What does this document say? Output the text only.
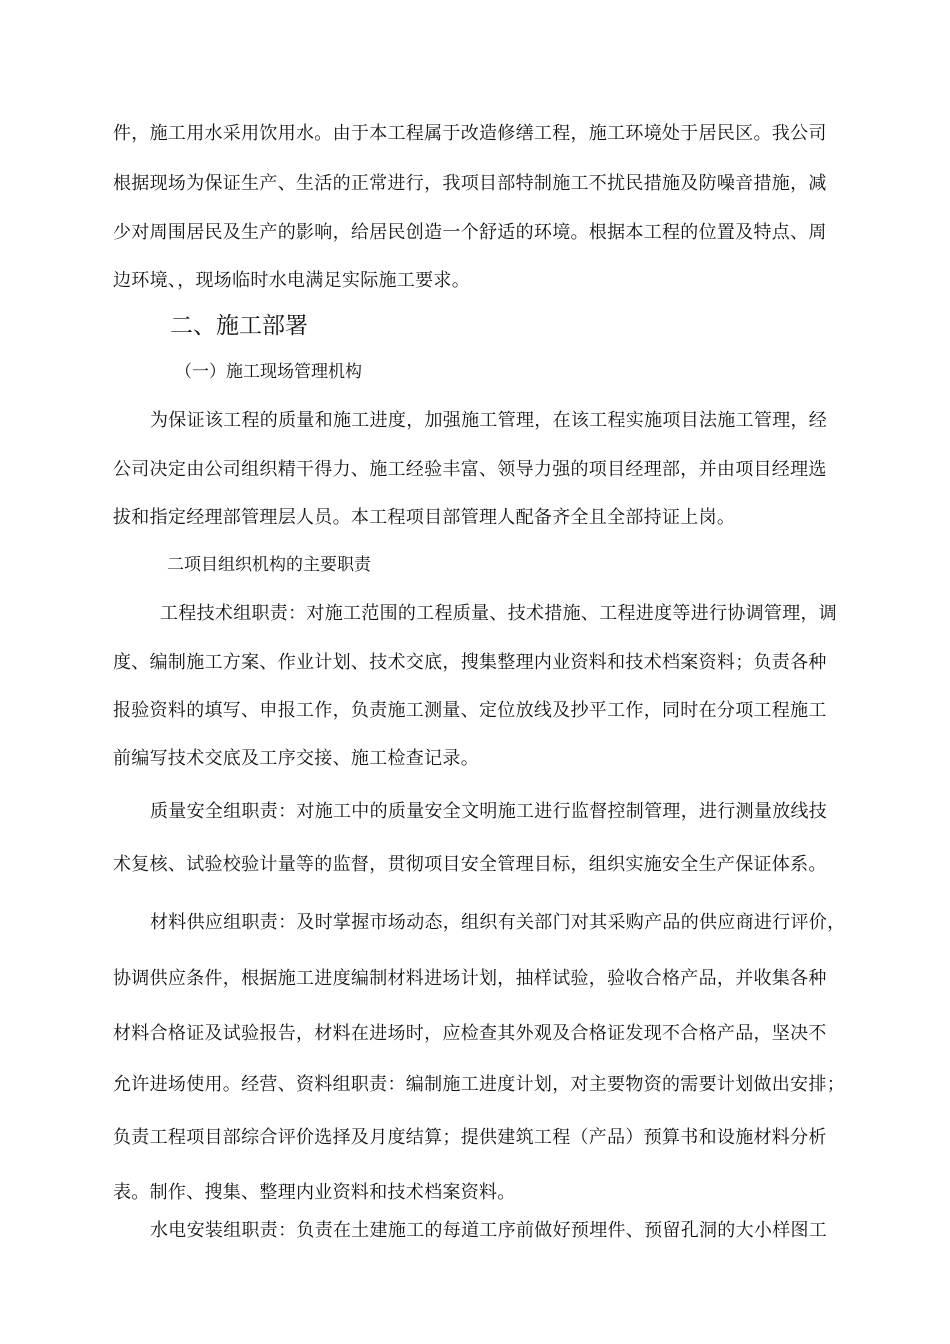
件，施工用水采用饮用水。由于本工程属于改造修缮工程，施工环境处于居民区。我公司
根据现场为保证生产、生活的正常进行，我项目部特制施工不扰民措施及防噪音措施，减
少对周围居民及生产的影响，给居民创造一个舒适的环境。根据本工程的位置及特点、周
边环境、，现场临时水电满足实际施工要求。
二、施工部署
（一）施工现场管理机构
为保证该工程的质量和施工进度，加强施工管理，在该工程实施项目法施工管理，经
公司决定由公司组织精干得力、施工经验丰富、领导力强的项目经理部，并由项目经理选
拔和指定经理部管理层人员。本工程项目部管理人配备齐全且全部持证上岗。
二项目组织机构的主要职责
工程技术组职责：对施工范围的工程质量、技术措施、工程进度等进行协调管理，调
度、编制施工方案、作业计划、技术交底，搜集整理内业资料和技术档案资料；负责各种
报验资料的填写、申报工作，负责施工测量、定位放线及抄平工作，同时在分项工程施工
前编写技术交底及工序交接、施工检查记录。
质量安全组职责：对施工中的质量安全文明施工进行监督控制管理，进行测量放线技
术复核、试验校验计量等的监督，贯彻项目安全管理目标，组织实施安全生产保证体系。
材料供应组职责：及时掌握市场动态，组织有关部门对其采购产品的供应商进行评价，
协调供应条件，根据施工进度编制材料进场计划，抽样试验，验收合格产品，并收集各种
材料合格证及试验报告，材料在进场时，应检查其外观及合格证发现不合格产品，坚决不
允许进场使用。经营、资料组职责：编制施工进度计划，对主要物资的需要计划做出安排；
负责工程项目部综合评价选择及月度结算；提供建筑工程（产品）预算书和设施材料分析
表。制作、搜集、整理内业资料和技术档案资料。
水电安装组职责：负责在土建施工的每道工序前做好预埋件、预留孔洞的大小样图工
